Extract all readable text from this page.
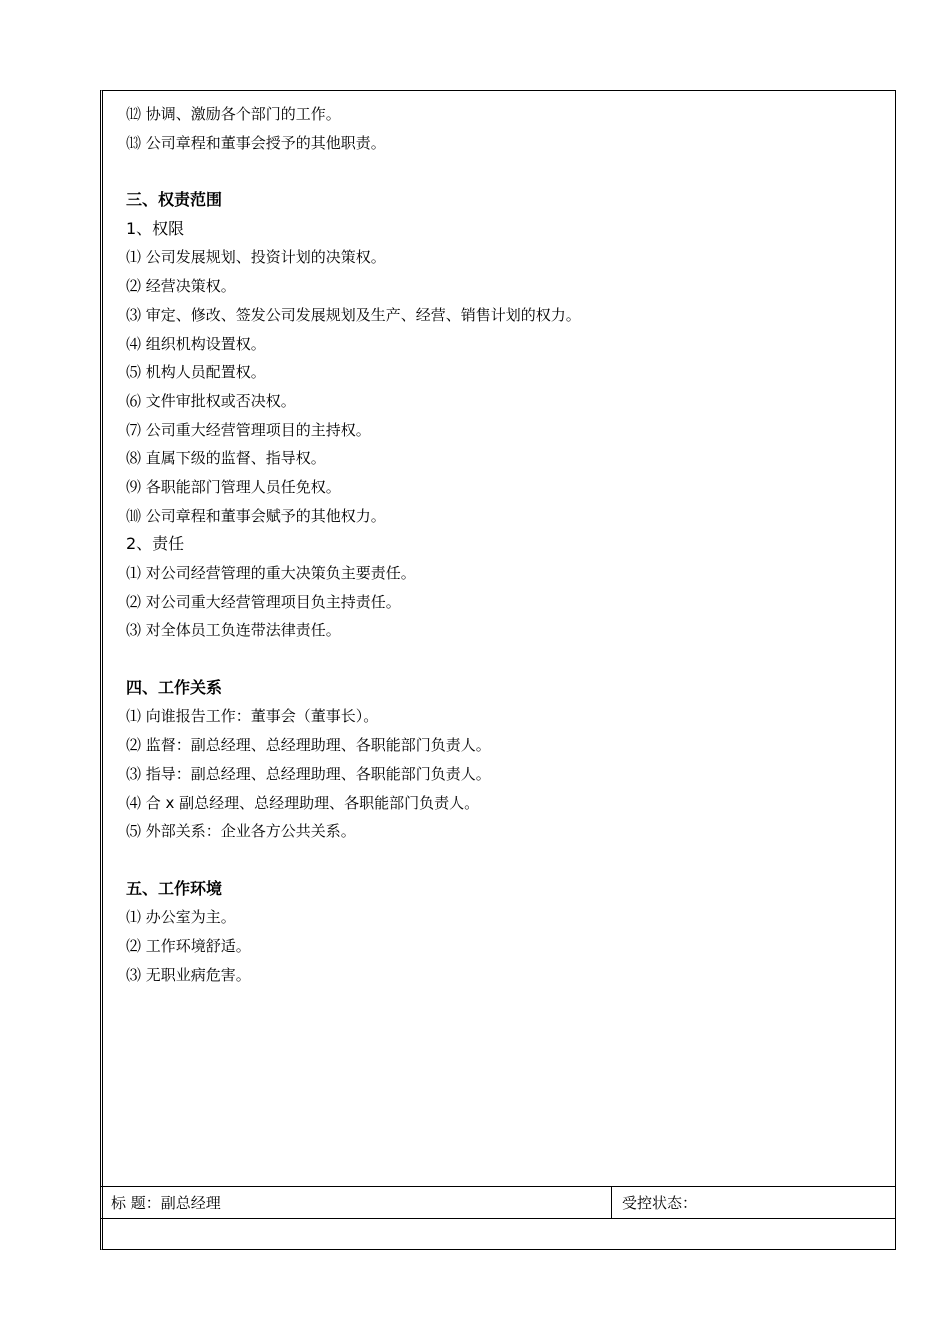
⑿ 协调、激励各个部门的工作。
⒀ 公司章程和董事会授予的其他职责。
三、权责范围
1、权限
⑴ 公司发展规划、投资计划的决策权。
⑵ 经营决策权。
⑶ 审定、修改、签发公司发展规划及生产、经营、销售计划的权力。
⑷ 组织机构设置权。
⑸ 机构人员配置权。
⑹ 文件审批权或否决权。
⑺ 公司重大经营管理项目的主持权。
⑻ 直属下级的监督、指导权。
⑼ 各职能部门管理人员任免权。
⑽ 公司章程和董事会赋予的其他权力。
2、责任
⑴ 对公司经营管理的重大决策负主要责任。
⑵ 对公司重大经营管理项目负主持责任。
⑶ 对全体员工负连带法律责任。
四、工作关系
⑴ 向谁报告工作：董事会（董事长）。
⑵ 监督：副总经理、总经理助理、各职能部门负责人。
⑶ 指导：副总经理、总经理助理、各职能部门负责人。
⑷ 合 x 副总经理、总经理助理、各职能部门负责人。
⑸ 外部关系：企业各方公共关系。
五、工作环境
⑴ 办公室为主。
⑵ 工作环境舒适。
⑶ 无职业病危害。
标 题：副总经理	受控状态：
